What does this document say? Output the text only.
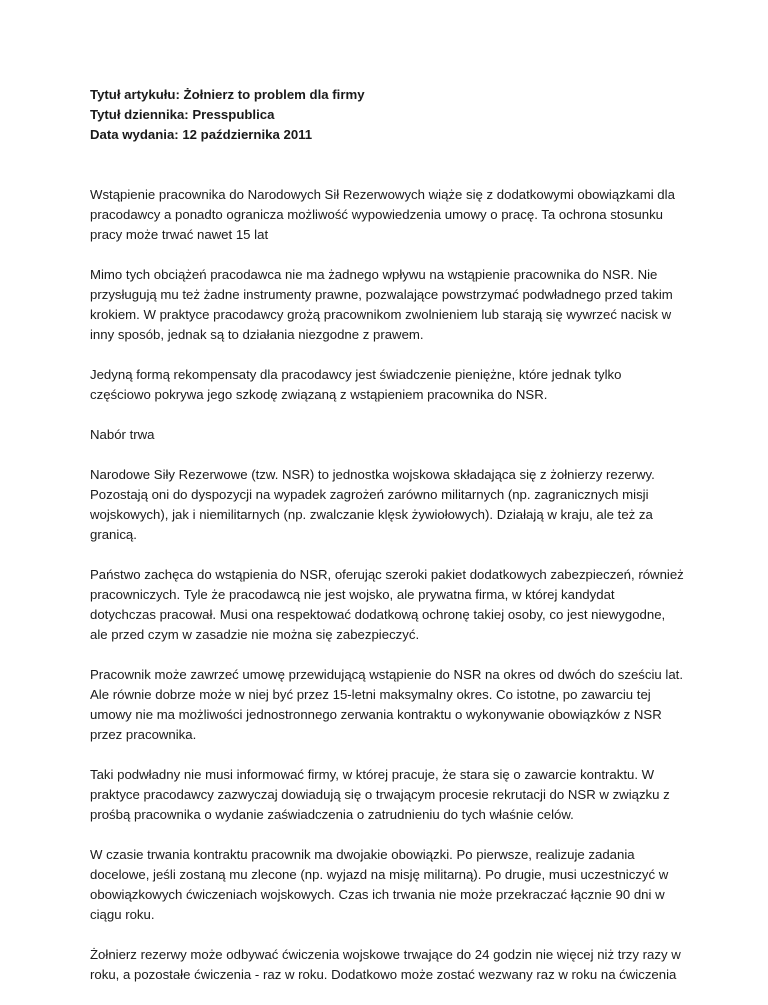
Tytuł artykułu: Żołnierz to problem dla firmy

Tytuł dziennika: Presspublica

Data wydania: 12 października 2011

Wstąpienie pracownika do Narodowych Sił Rezerwowych wiąże się z dodatkowymi obowiązkami dla
pracodawcy a ponadto ogranicza możliwość wypowiedzenia umowy o pracę. Ta ochrona stosunku
pracy może trwać nawet 15 lat
Mimo tych obciążeń pracodawca nie ma żadnego wpływu na wstąpienie pracownika do NSR. Nie
przysługują mu też żadne instrumenty prawne, pozwalające powstrzymać podwładnego przed takim
krokiem. W praktyce pracodawcy grożą pracownikom zwolnieniem lub starają się wywrzeć nacisk w
inny sposób, jednak są to działania niezgodne z prawem.
Jedyną formą rekompensaty dla pracodawcy jest świadczenie pieniężne, które jednak tylko
częściowo pokrywa jego szkodę związaną z wstąpieniem pracownika do NSR.
Nabór trwa
Narodowe Siły Rezerwowe (tzw. NSR) to jednostka wojskowa składająca się z żołnierzy rezerwy.
Pozostają oni do dyspozycji na wypadek zagrożeń zarówno militarnych (np. zagranicznych misji
wojskowych), jak i niemilitarnych (np. zwalczanie klęsk żywiołowych). Działają w kraju, ale też za
granicą.
Państwo zachęca do wstąpienia do NSR, oferując szeroki pakiet dodatkowych zabezpieczeń, również
pracowniczych. Tyle że pracodawcą nie jest wojsko, ale prywatna firma, w której kandydat
dotychczas pracował. Musi ona respektować dodatkową ochronę takiej osoby, co jest niewygodne,
ale przed czym w zasadzie nie można się zabezpieczyć.
Pracownik może zawrzeć umowę przewidującą wstąpienie do NSR na okres od dwóch do sześciu lat.
Ale równie dobrze może w niej być przez 15-letni maksymalny okres. Co istotne, po zawarciu tej
umowy nie ma możliwości jednostronnego zerwania kontraktu o wykonywanie obowiązków z NSR
przez pracownika.
Taki podwładny nie musi informować firmy, w której pracuje, że stara się o zawarcie kontraktu. W
praktyce pracodawcy zazwyczaj dowiadują się o trwającym procesie rekrutacji do NSR w związku z
prośbą pracownika o wydanie zaświadczenia o zatrudnieniu do tych właśnie celów.
W czasie trwania kontraktu pracownik ma dwojakie obowiązki. Po pierwsze, realizuje zadania
docelowe, jeśli zostaną mu zlecone (np. wyjazd na misję militarną). Po drugie, musi uczestniczyć w
obowiązkowych ćwiczeniach wojskowych. Czas ich trwania nie może przekraczać łącznie 90 dni w
ciągu roku.
Żołnierz rezerwy może odbywać ćwiczenia wojskowe trwające do 24 godzin nie więcej niż trzy razy w
roku, a pozostałe ćwiczenia - raz w roku. Dodatkowo może zostać wezwany raz w roku na ćwiczenia
